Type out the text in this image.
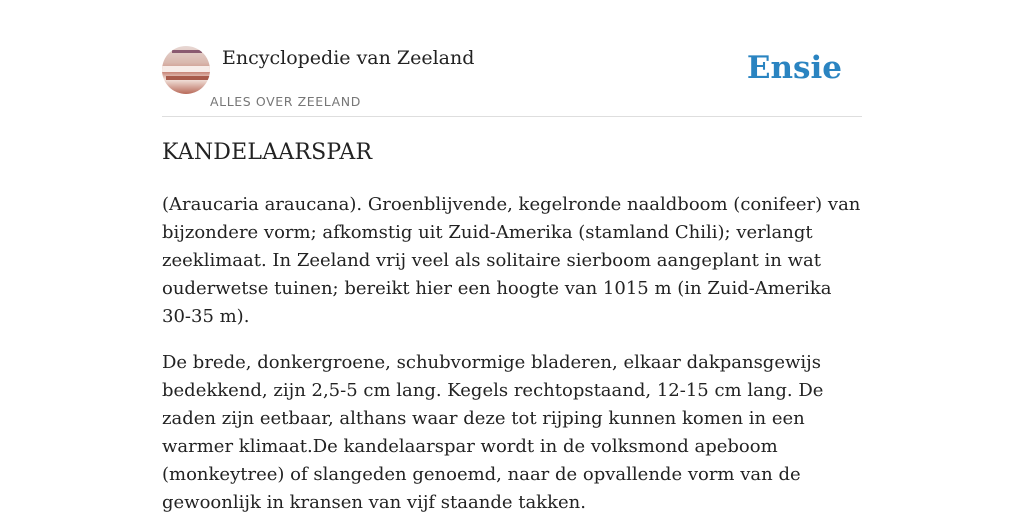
Encyclopedie van Zeeland
ALLES OVER ZEELAND
Ensie
KANDELAARSPAR

(Araucaria araucana). Groenblijvende, kegelronde naaldboom (conifeer) van bijzondere vorm; afkomstig uit Zuid-Amerika (stamland Chili); verlangt zeeklimaat. In Zeeland vrij veel als solitaire sierboom aangeplant in wat ouderwetse tuinen; bereikt hier een hoogte van 1015 m (in Zuid-Amerika 30-35 m).

De brede, donkergroene, schubvormige bladeren, elkaar dakpansgewijs bedekkend, zijn 2,5-5 cm lang. Kegels rechtopstaand, 12-15 cm lang. De zaden zijn eetbaar, althans waar deze tot rijping kunnen komen in een warmer klimaat.De kandelaarspar wordt in de volksmond apeboom (monkeytree) of slangeden genoemd, naar de opvallende vorm van de gewoonlijk in kransen van vijf staande takken.
